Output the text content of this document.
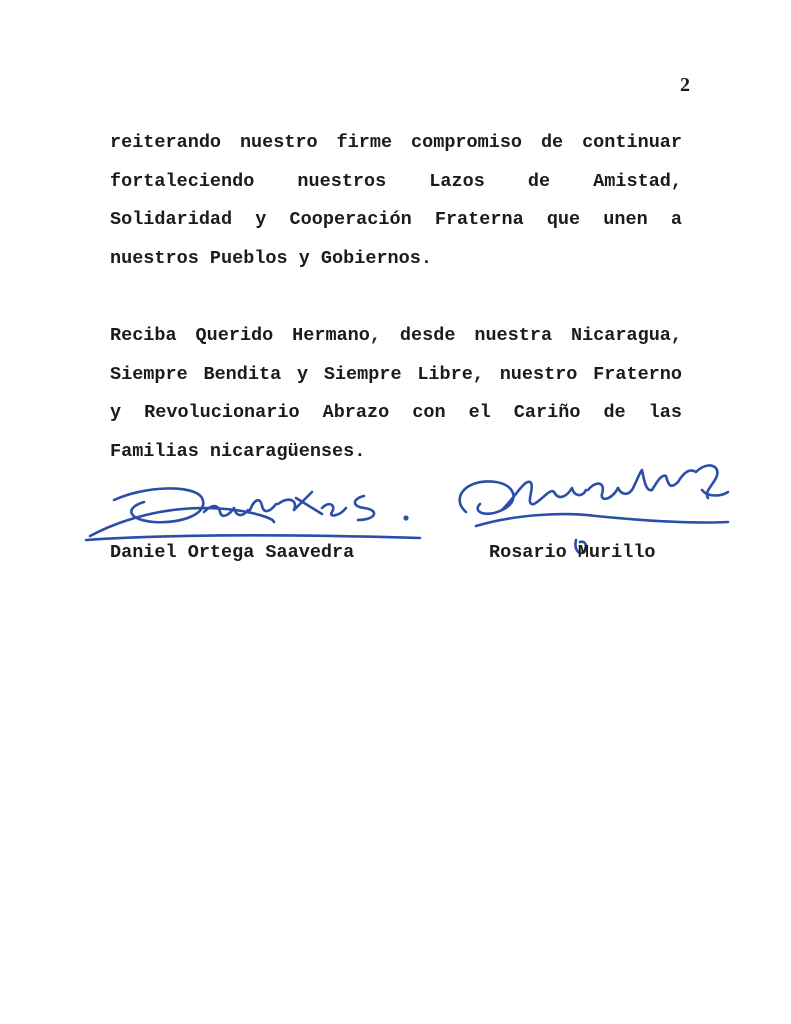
2
reiterando nuestro firme compromiso de continuar
fortaleciendo nuestros Lazos de Amistad,
Solidaridad y Cooperación Fraterna que unen a
nuestros Pueblos y Gobiernos.
Reciba Querido Hermano, desde nuestra Nicaragua,
Siempre Bendita y Siempre Libre, nuestro Fraterno
y Revolucionario Abrazo con el Cariño de las
Familias nicaragüenses.
Daniel Ortega Saavedra	Rosario Murillo
